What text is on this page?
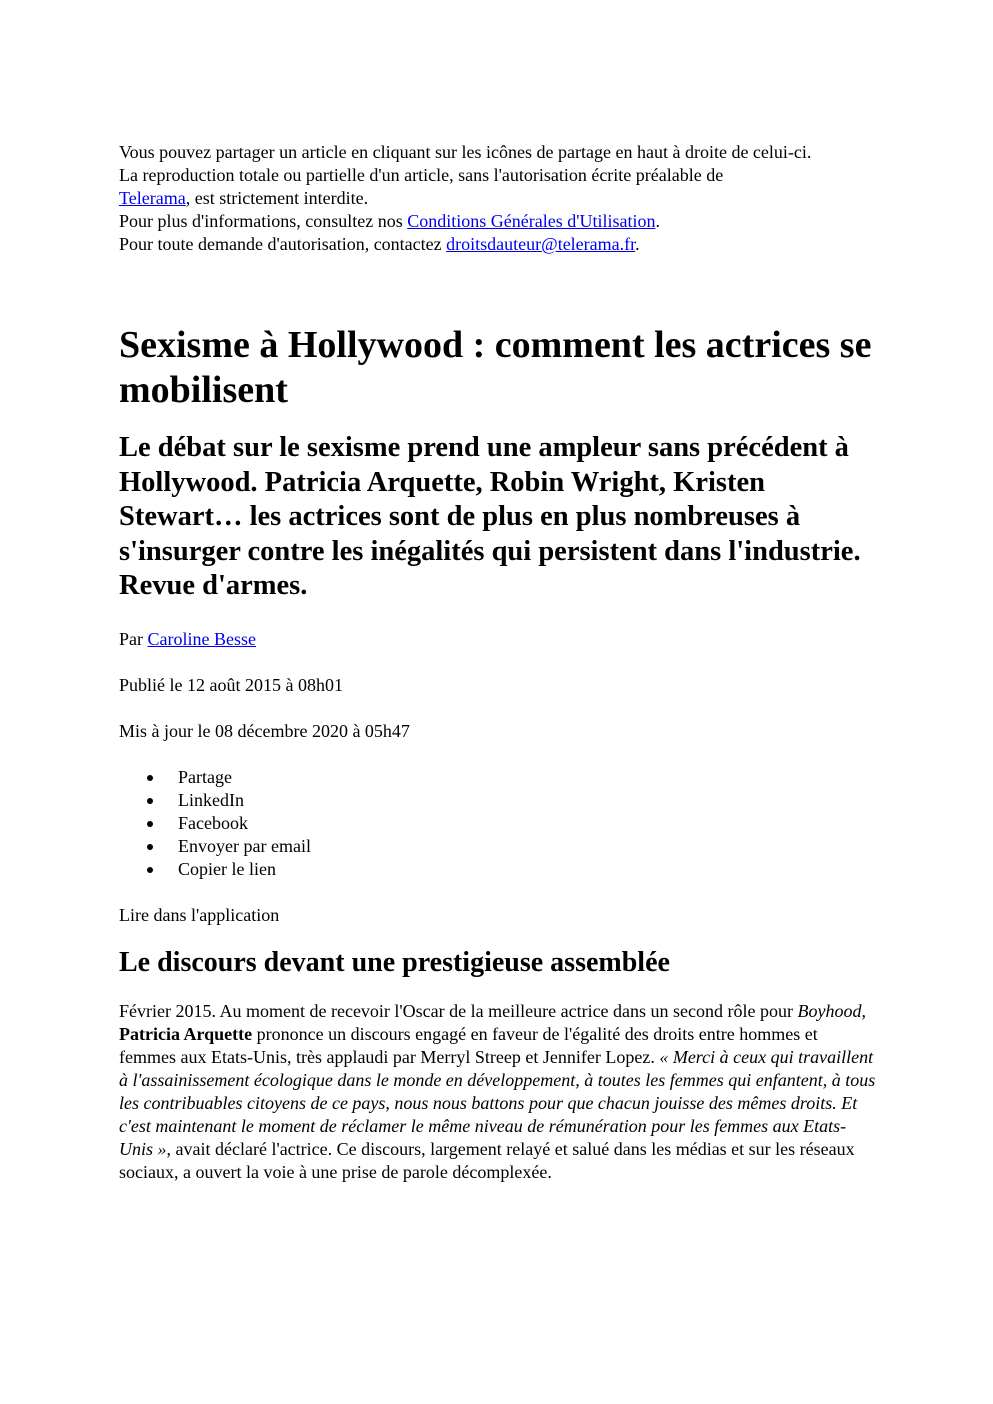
Vous pouvez partager un article en cliquant sur les icônes de partage en haut à droite de celui-ci.

La reproduction totale ou partielle d'un article, sans l'autorisation écrite préalable de
Telerama, est strictement interdite.

Pour plus d'informations, consultez nos Conditions Générales d'Utilisation.

Pour toute demande d'autorisation, contactez droitsdauteur@telerama.fr.

Sexisme à Hollywood : comment les actrices se mobilisent
Le débat sur le sexisme prend une ampleur sans précédent à Hollywood. Patricia Arquette, Robin Wright, Kristen Stewart… les actrices sont de plus en plus nombreuses à s'insurger contre les inégalités qui persistent dans l'industrie. Revue d'armes.

Par Caroline Besse

Publié le 12 août 2015 à 08h01

Mis à jour le 08 décembre 2020 à 05h47

Partage
LinkedIn
Facebook
Envoyer par email
Copier le lien

Lire dans l'application

Le discours devant une prestigieuse assemblée

Février 2015. Au moment de recevoir l'Oscar de la meilleure actrice dans un second rôle pour Boyhood, Patricia Arquette prononce un discours engagé en faveur de l'égalité des droits entre hommes et femmes aux Etats-Unis, très applaudi par Merryl Streep et Jennifer Lopez. « Merci à ceux qui travaillent à l'assainissement écologique dans le monde en développement, à toutes les femmes qui enfantent, à tous les contribuables citoyens de ce pays, nous nous battons pour que chacun jouisse des mêmes droits. Et c'est maintenant le moment de réclamer le même niveau de rémunération pour les femmes aux Etats-Unis », avait déclaré l'actrice. Ce discours, largement relayé et salué dans les médias et sur les réseaux sociaux, a ouvert la voie à une prise de parole décomplexée.
